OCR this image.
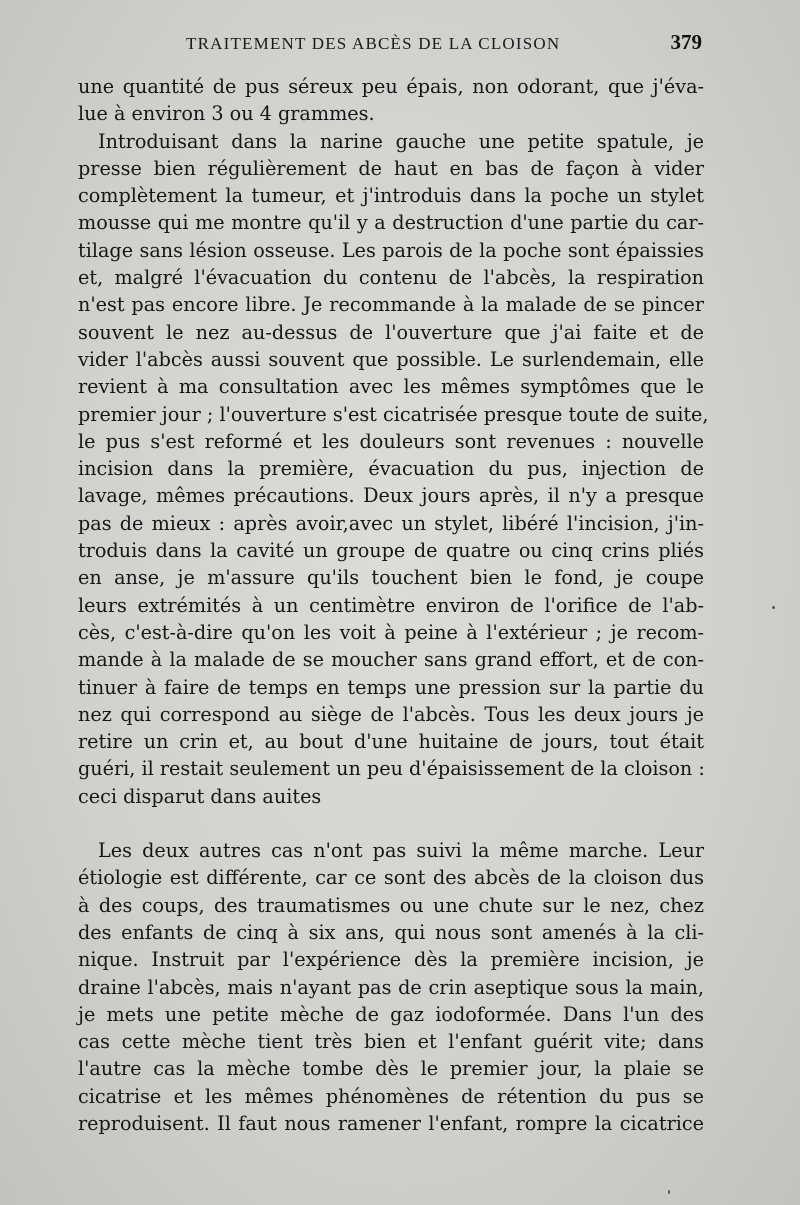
TRAITEMENT DES ABCÈS DE LA CLOISON	379
une quantité de pus séreux peu épais, non odorant, que j'éva-
lue à environ 3 ou 4 grammes.
Introduisant dans la narine gauche une petite spatule, je
presse bien régulièrement de haut en bas de façon à vider
complètement la tumeur, et j'introduis dans la poche un stylet
mousse qui me montre qu'il y a destruction d'une partie du car-
tilage sans lésion osseuse. Les parois de la poche sont épaissies
et, malgré l'évacuation du contenu de l'abcès, la respiration
n'est pas encore libre. Je recommande à la malade de se pincer
souvent le nez au-dessus de l'ouverture que j'ai faite et de
vider l'abcès aussi souvent que possible. Le surlendemain, elle
revient à ma consultation avec les mêmes symptômes que le
premier jour ; l'ouverture s'est cicatrisée presque toute de suite,
le pus s'est reformé et les douleurs sont revenues : nouvelle
incision dans la première, évacuation du pus, injection de
lavage, mêmes précautions. Deux jours après, il n'y a presque
pas de mieux : après avoir,avec un stylet, libéré l'incision, j'in-
troduis dans la cavité un groupe de quatre ou cinq crins pliés
en anse, je m'assure qu'ils touchent bien le fond, je coupe
leurs extrémités à un centimètre environ de l'orifice de l'ab-
cès, c'est-à-dire qu'on les voit à peine à l'extérieur ; je recom-
mande à la malade de se moucher sans grand effort, et de con-
tinuer à faire de temps en temps une pression sur la partie du
nez qui correspond au siège de l'abcès. Tous les deux jours je
retire un crin et, au bout d'une huitaine de jours, tout était
guéri, il restait seulement un peu d'épaisissement de la cloison :
ceci disparut dans auites
Les deux autres cas n'ont pas suivi la même marche. Leur
étiologie est différente, car ce sont des abcès de la cloison dus
à des coups, des traumatismes ou une chute sur le nez, chez
des enfants de cinq à six ans, qui nous sont amenés à la cli-
nique. Instruit par l'expérience dès la première incision, je
draine l'abcès, mais n'ayant pas de crin aseptique sous la main,
je mets une petite mèche de gaz iodoformée. Dans l'un des
cas cette mèche tient très bien et l'enfant guérit vite; dans
l'autre cas la mèche tombe dès le premier jour, la plaie se
cicatrise et les mêmes phénomènes de rétention du pus se
reproduisent. Il faut nous ramener l'enfant, rompre la cicatrice
